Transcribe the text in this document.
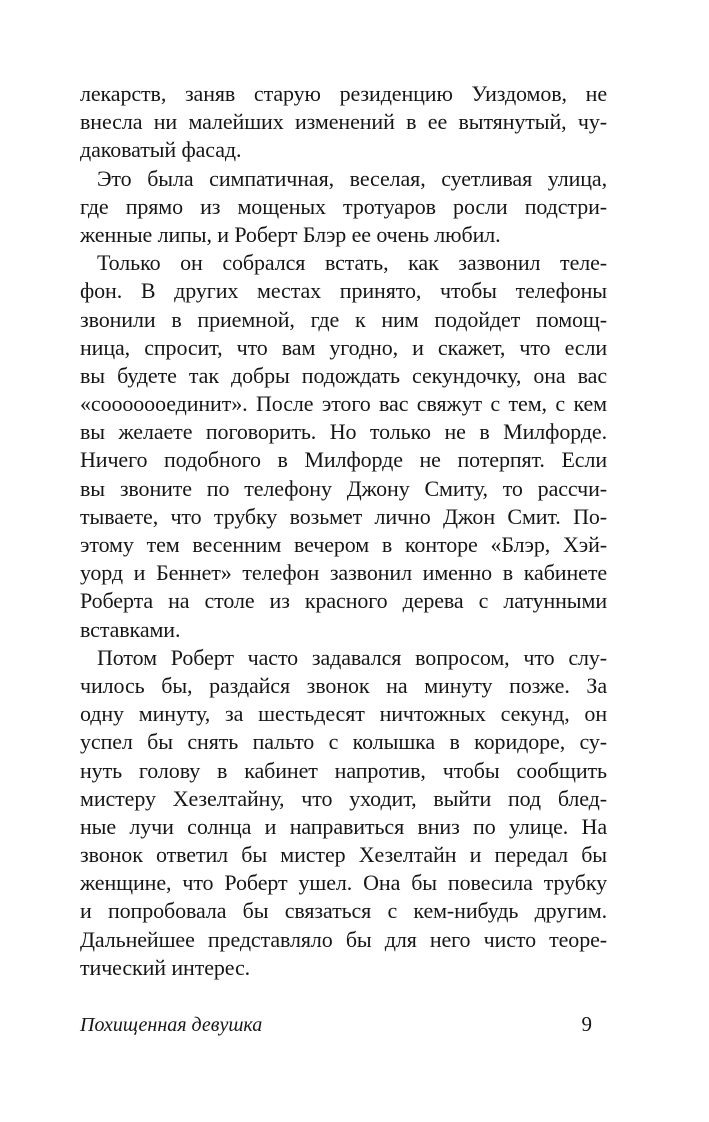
лекарств, заняв старую резиденцию Уиздомов, не
внесла ни малейших изменений в ее вытянутый, чу-
даковатый фасад.
Это была симпатичная, веселая, суетливая улица,
где прямо из мощеных тротуаров росли подстри-
женные липы, и Роберт Блэр ее очень любил.
Только он собрался встать, как зазвонил теле-
фон. В других местах принято, чтобы телефоны
звонили в приемной, где к ним подойдет помощ-
ница, спросит, что вам угодно, и скажет, что если
вы будете так добры подождать секундочку, она вас
«сооооооединит». После этого вас свяжут с тем, с кем
вы желаете поговорить. Но только не в Милфорде.
Ничего подобного в Милфорде не потерпят. Если
вы звоните по телефону Джону Смиту, то рассчи-
тываете, что трубку возьмет лично Джон Смит. По-
этому тем весенним вечером в конторе «Блэр, Хэй-
уорд и Беннет» телефон зазвонил именно в кабинете
Роберта на столе из красного дерева с латунными
вставками.
Потом Роберт часто задавался вопросом, что слу-
чилось бы, раздайся звонок на минуту позже. За
одну минуту, за шестьдесят ничтожных секунд, он
успел бы снять пальто с колышка в коридоре, су-
нуть голову в кабинет напротив, чтобы сообщить
мистеру Хезелтайну, что уходит, выйти под блед-
ные лучи солнца и направиться вниз по улице. На
звонок ответил бы мистер Хезелтайн и передал бы
женщине, что Роберт ушел. Она бы повесила трубку
и попробовала бы связаться с кем-нибудь другим.
Дальнейшее представляло бы для него чисто теоре-
тический интерес.
Похищенная девушка	9
